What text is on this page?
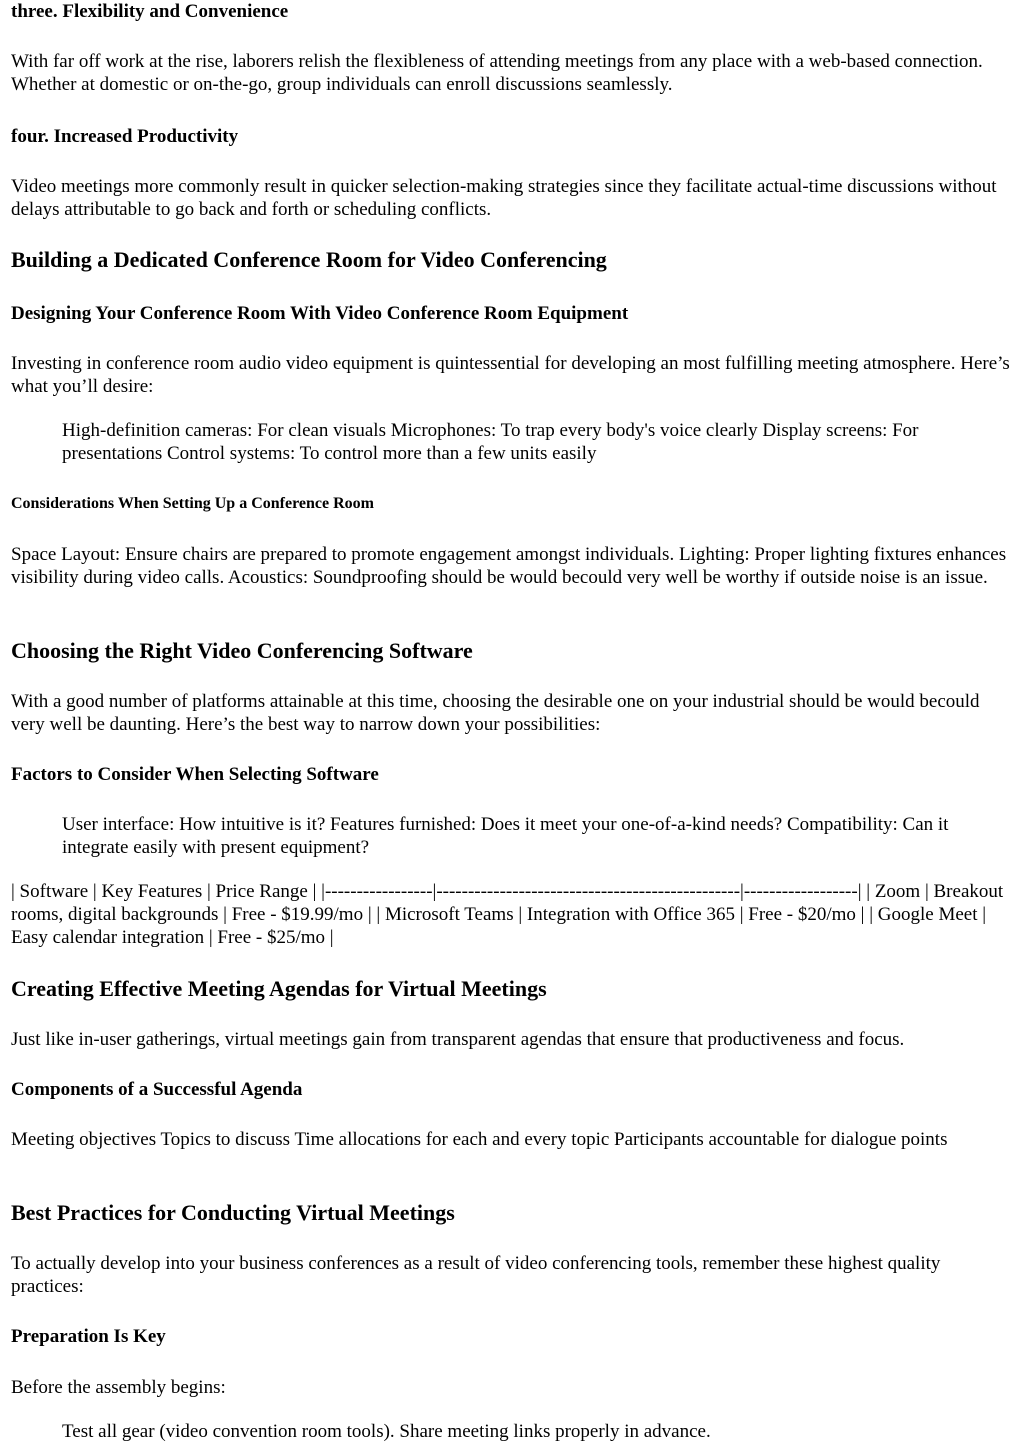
three. Flexibility and Convenience

With far off work at the rise, laborers relish the flexibleness of attending meetings from any place with a web-based connection. Whether at domestic or on-the-go, group individuals can enroll discussions seamlessly.

four. Increased Productivity

Video meetings more commonly result in quicker selection-making strategies since they facilitate actual-time discussions without delays attributable to go back and forth or scheduling conflicts.

Building a Dedicated Conference Room for Video Conferencing
Designing Your Conference Room With Video Conference Room Equipment

Investing in conference room audio video equipment is quintessential for developing an most fulfilling meeting atmosphere. Here’s what you’ll desire:

High-definition cameras: For clean visuals Microphones: To trap every body's voice clearly Display screens: For presentations Control systems: To control more than a few units easily
Considerations When Setting Up a Conference Room

Space Layout: Ensure chairs are prepared to promote engagement amongst individuals. Lighting: Proper lighting fixtures enhances visibility during video calls. Acoustics: Soundproofing should be would becould very well be worthy if outside noise is an issue.

Choosing the Right Video Conferencing Software

With a good number of platforms attainable at this time, choosing the desirable one on your industrial should be would becould very well be daunting. Here’s the best way to narrow down your possibilities:

Factors to Consider When Selecting Software
User interface: How intuitive is it? Features furnished: Does it meet your one-of-a-kind needs? Compatibility: Can it integrate easily with present equipment?

| Software | Key Features | Price Range | |-----------------|------------------------------------------------|------------------| | Zoom | Breakout rooms, digital backgrounds | Free - $19.99/mo | | Microsoft Teams | Integration with Office 365 | Free - $20/mo | | Google Meet | Easy calendar integration | Free - $25/mo |

Creating Effective Meeting Agendas for Virtual Meetings

Just like in-user gatherings, virtual meetings gain from transparent agendas that ensure that productiveness and focus.

Components of a Successful Agenda

Meeting objectives Topics to discuss Time allocations for each and every topic Participants accountable for dialogue points

Best Practices for Conducting Virtual Meetings

To actually develop into your business conferences as a result of video conferencing tools, remember these highest quality practices:

Preparation Is Key

Before the assembly begins:

Test all gear (video convention room tools). Share meeting links properly in advance.
